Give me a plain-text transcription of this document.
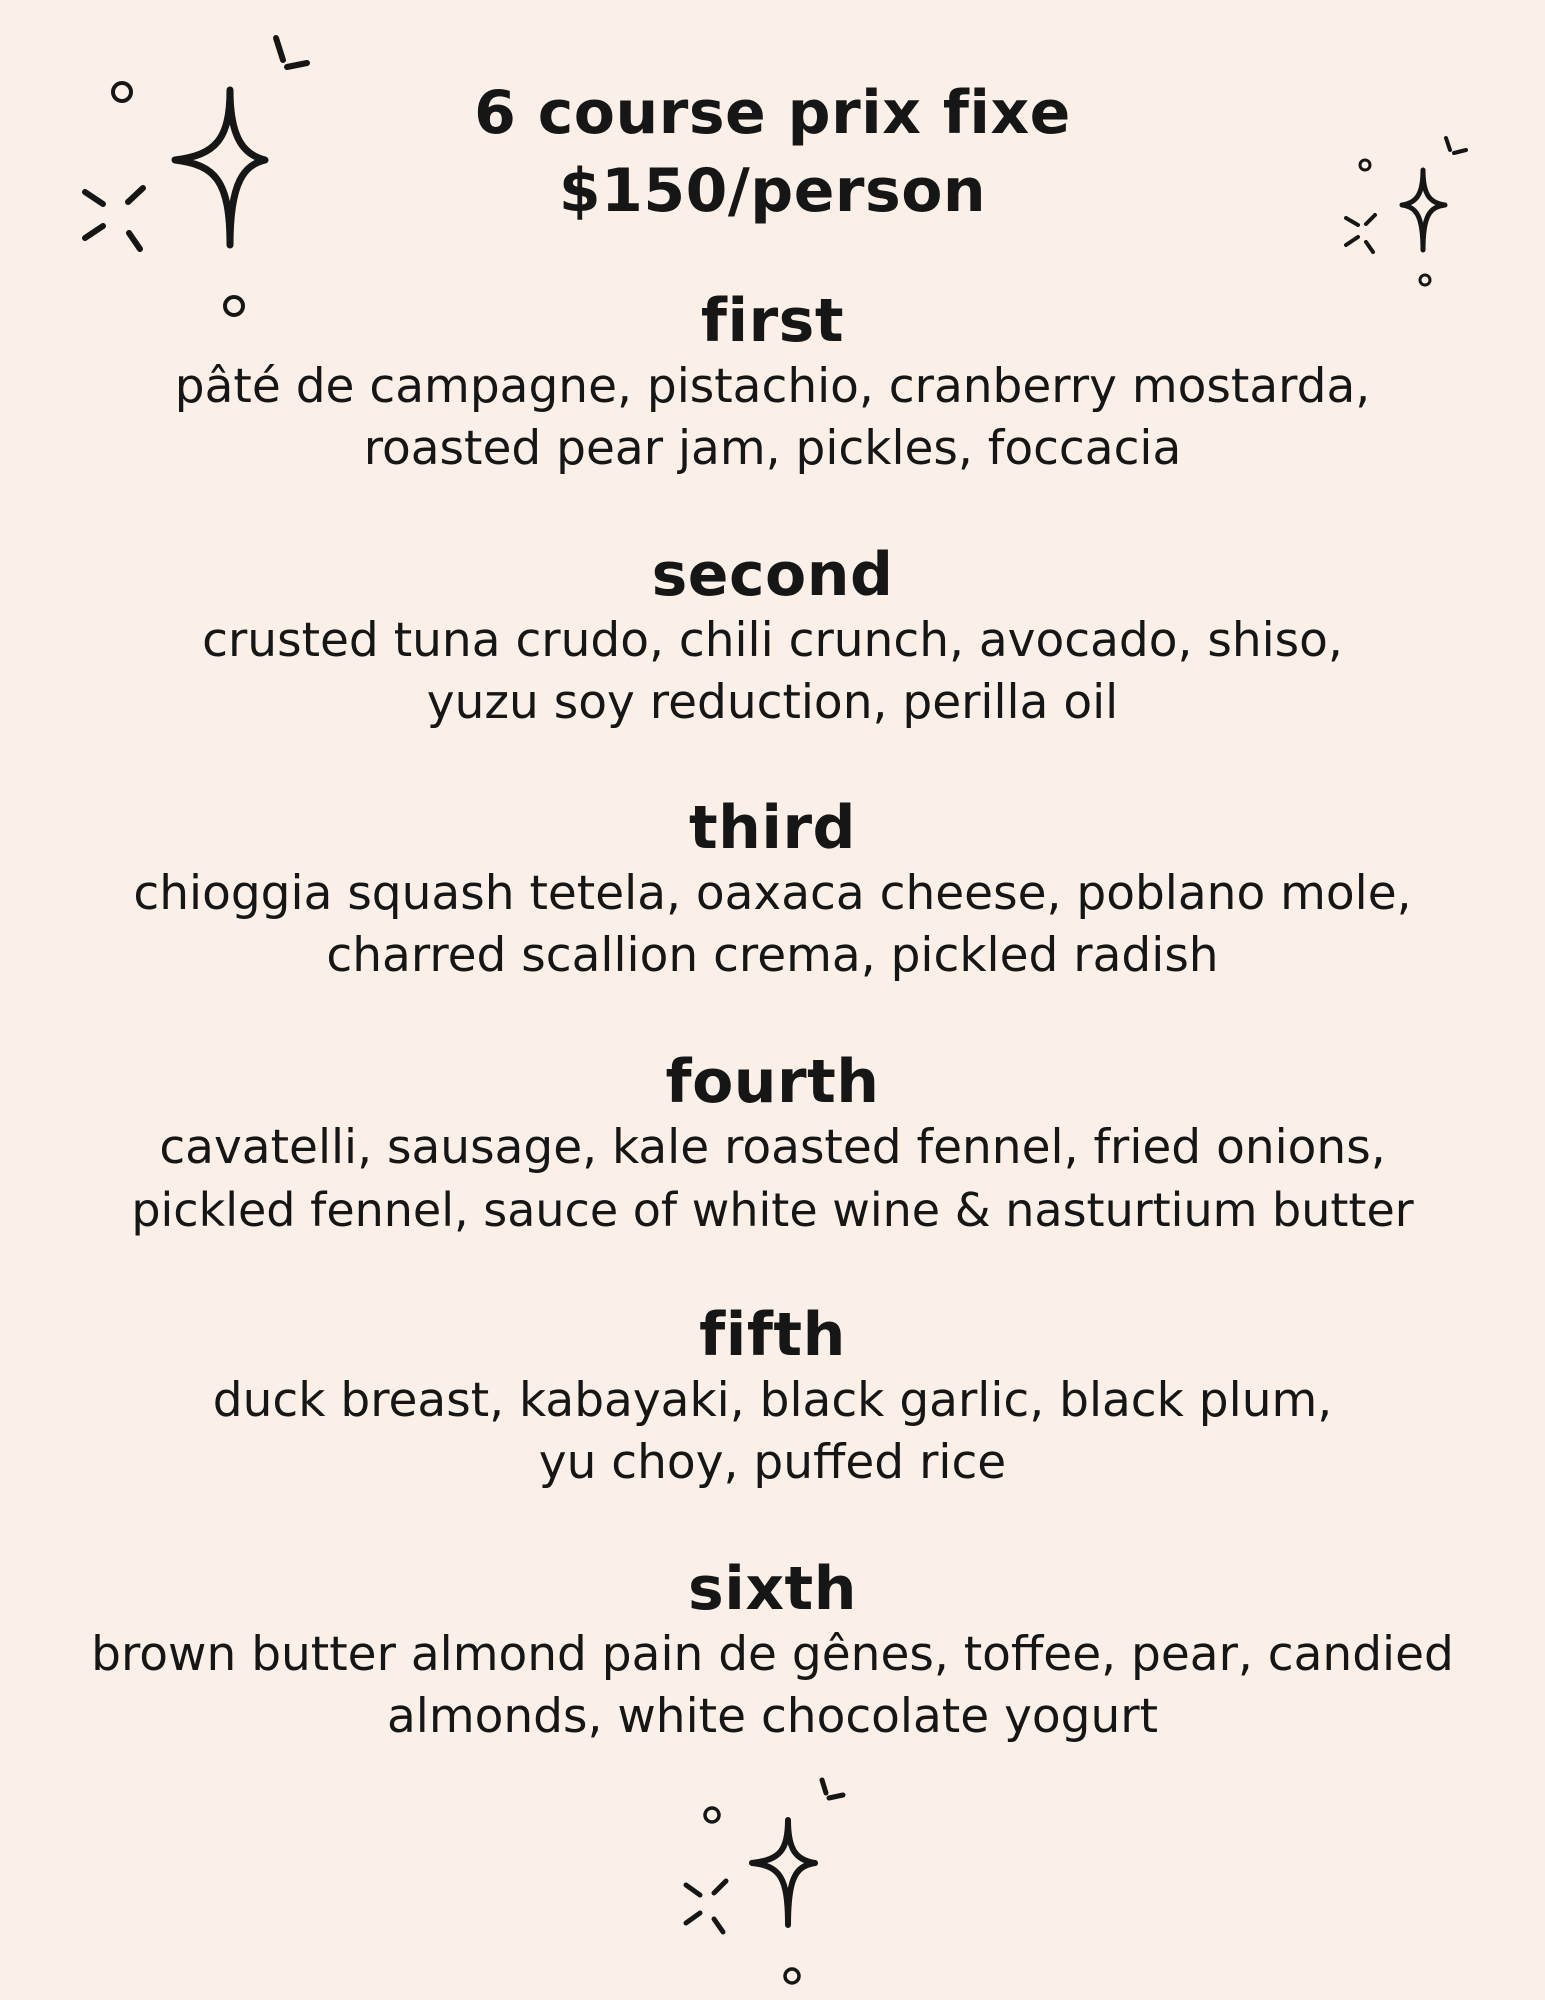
6 course prix fixe
$150/person
first
pâté de campagne, pistachio, cranberry mostarda,
roasted pear jam, pickles, foccacia
second
crusted tuna crudo, chili crunch, avocado, shiso,
yuzu soy reduction, perilla oil
third
chioggia squash tetela, oaxaca cheese, poblano mole,
charred scallion crema, pickled radish
fourth
cavatelli, sausage, kale roasted fennel, fried onions,
pickled fennel, sauce of white wine & nasturtium butter
fifth
duck breast, kabayaki, black garlic, black plum,
yu choy, puffed rice
sixth
brown butter almond pain de gênes, toffee, pear, candied
almonds, white chocolate yogurt
